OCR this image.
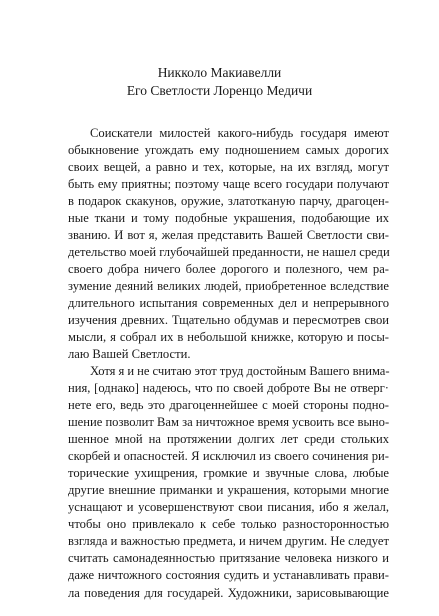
Никколо Макиавелли
Его Светлости Лоренцо Медичи
Соискатели милостей какого-нибудь государя имеют
обыкновение угождать ему подношением самых дорогих
своих вещей, а равно и тех, которые, на их взгляд, могут
быть ему приятны; поэтому чаще всего государи получают
в подарок скакунов, оружие, златотканую парчу, драгоцен-
ные ткани и тому подобные украшения, подобающие их
званию. И вот я, желая представить Вашей Светлости сви-
детельство моей глубочайшей преданности, не нашел среди
своего добра ничего более дорогого и полезного, чем ра-
зумение деяний великих людей, приобретенное вследствие
длительного испытания современных дел и непрерывного
изучения древних. Тщательно обдумав и пересмотрев свои
мысли, я собрал их в небольшой книжке, которую и посы-
лаю Вашей Светлости.
Хотя я и не считаю этот труд достойным Вашего внима-
ния, [однако] надеюсь, что по своей доброте Вы не отверг·
нете его, ведь это драгоценнейшее с моей стороны подно-
шение позволит Вам за ничтожное время усвоить все выно-
шенное мной на протяжении долгих лет среди стольких
скорбей и опасностей. Я исключил из своего сочинения ри-
торические ухищрения, громкие и звучные слова, любые
другие внешние приманки и украшения, которыми многие
уснащают и усовершенствуют свои писания, ибо я желал,
чтобы оно привлекало к себе только разносторонностью
взгляда и важностью предмета, и ничем другим. Не следует
считать самонадеянностью притязание человека низкого и
даже ничтожного состояния судить и устанавливать прави-
ла поведения для государей. Художники, зарисовывающие
